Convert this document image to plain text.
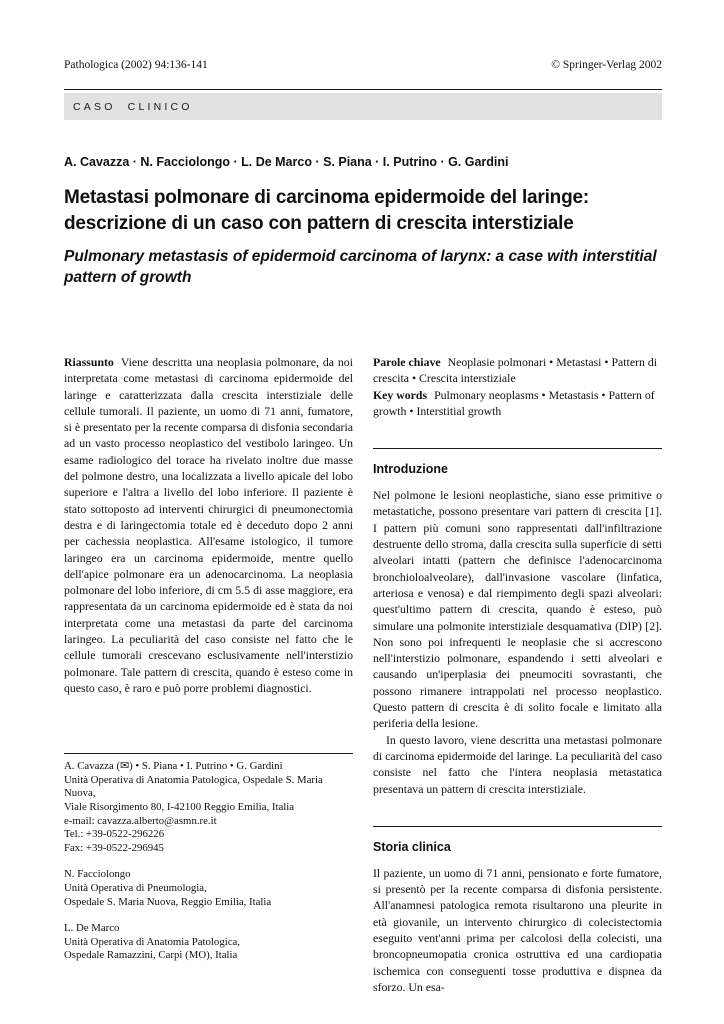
Pathologica (2002) 94:136-141	© Springer-Verlag 2002
CASO CLINICO

A. Cavazza · N. Facciolongo · L. De Marco · S. Piana · I. Putrino · G. Gardini

Metastasi polmonare di carcinoma epidermoide del laringe: descrizione di un caso con pattern di crescita interstiziale
Pulmonary metastasis of epidermoid carcinoma of larynx: a case with interstitial pattern of growth

Riassunto Viene descritta una neoplasia polmonare, da noi interpretata come metastasi di carcinoma epidermoide del laringe e caratterizzata dalla crescita interstiziale delle cellule tumorali. Il paziente, un uomo di 71 anni, fumatore, si è presentato per la recente comparsa di disfonia secondaria ad un vasto processo neoplastico del vestibolo laringeo. Un esame radiologico del torace ha rivelato inoltre due masse del polmone destro, una localizzata a livello apicale del lobo superiore e l'altra a livello del lobo inferiore. Il paziente è stato sottoposto ad interventi chirurgici di pneumonectomia destra e di laringectomia totale ed è deceduto dopo 2 anni per cachessia neoplastica. All'esame istologico, il tumore laringeo era un carcinoma epidermoide, mentre quello dell'apice polmonare era un adenocarcinoma. La neoplasia polmonare del lobo inferiore, di cm 5.5 di asse maggiore, era rappresentata da un carcinoma epidermoide ed è stata da noi interpretata come una metastasi da parte del carcinoma laringeo. La peculiarità del caso consiste nel fatto che le cellule tumorali crescevano esclusivamente nell'interstizio polmonare. Tale pattern di crescita, quando è esteso come in questo caso, è raro e può porre problemi diagnostici.

A. Cavazza (✉) • S. Piana • I. Putrino • G. Gardini
Unità Operativa di Anatomia Patologica, Ospedale S. Maria Nuova,
Viale Risorgimento 80, I-42100 Reggio Emilia, Italia
e-mail: cavazza.alberto@asmn.re.it
Tel.: +39-0522-296226
Fax: +39-0522-296945
N. Facciolongo
Unità Operativa di Pneumologia,
Ospedale S. Maria Nuova, Reggio Emilia, Italia
L. De Marco
Unità Operativa di Anatomia Patologica,
Ospedale Ramazzini, Carpi (MO), Italia

Parole chiave Neoplasie polmonari • Metastasi • Pattern di crescita • Crescita interstiziale

Key words Pulmonary neoplasms • Metastasis • Pattern of growth • Interstitial growth

Introduzione

Nel polmone le lesioni neoplastiche, siano esse primitive o metastatiche, possono presentare vari pattern di crescita [1]. I pattern più comuni sono rappresentati dall'infiltrazione destruente dello stroma, dalla crescita sulla superficie di setti alveolari intatti (pattern che definisce l'adenocarcinoma bronchioloalveolare), dall'invasione vascolare (linfatica, arteriosa e venosa) e dal riempimento degli spazi alveolari: quest'ultimo pattern di crescita, quando è esteso, può simulare una polmonite interstiziale desquamativa (DIP) [2]. Non sono poi infrequenti le neoplasie che si accrescono nell'interstizio polmonare, espandendo i setti alveolari e causando un'iperplasia dei pneumociti sovrastanti, che possono rimanere intrappolati nel processo neoplastico. Questo pattern di crescita è di solito focale e limitato alla periferia della lesione.

In questo lavoro, viene descritta una metastasi polmonare di carcinoma epidermoide del laringe. La peculiarità del caso consiste nel fatto che l'intera neoplasia metastatica presentava un pattern di crescita interstiziale.

Storia clinica

Il paziente, un uomo di 71 anni, pensionato e forte fumatore, si presentò per la recente comparsa di disfonia persistente. All'anamnesi patologica remota risultarono una pleurite in età giovanile, un intervento chirurgico di colecistectomia eseguito vent'anni prima per calcolosi della colecisti, una broncopneumopatia cronica ostruttiva ed una cardiopatia ischemica con conseguenti tosse produttiva e dispnea da sforzo. Un esa-
